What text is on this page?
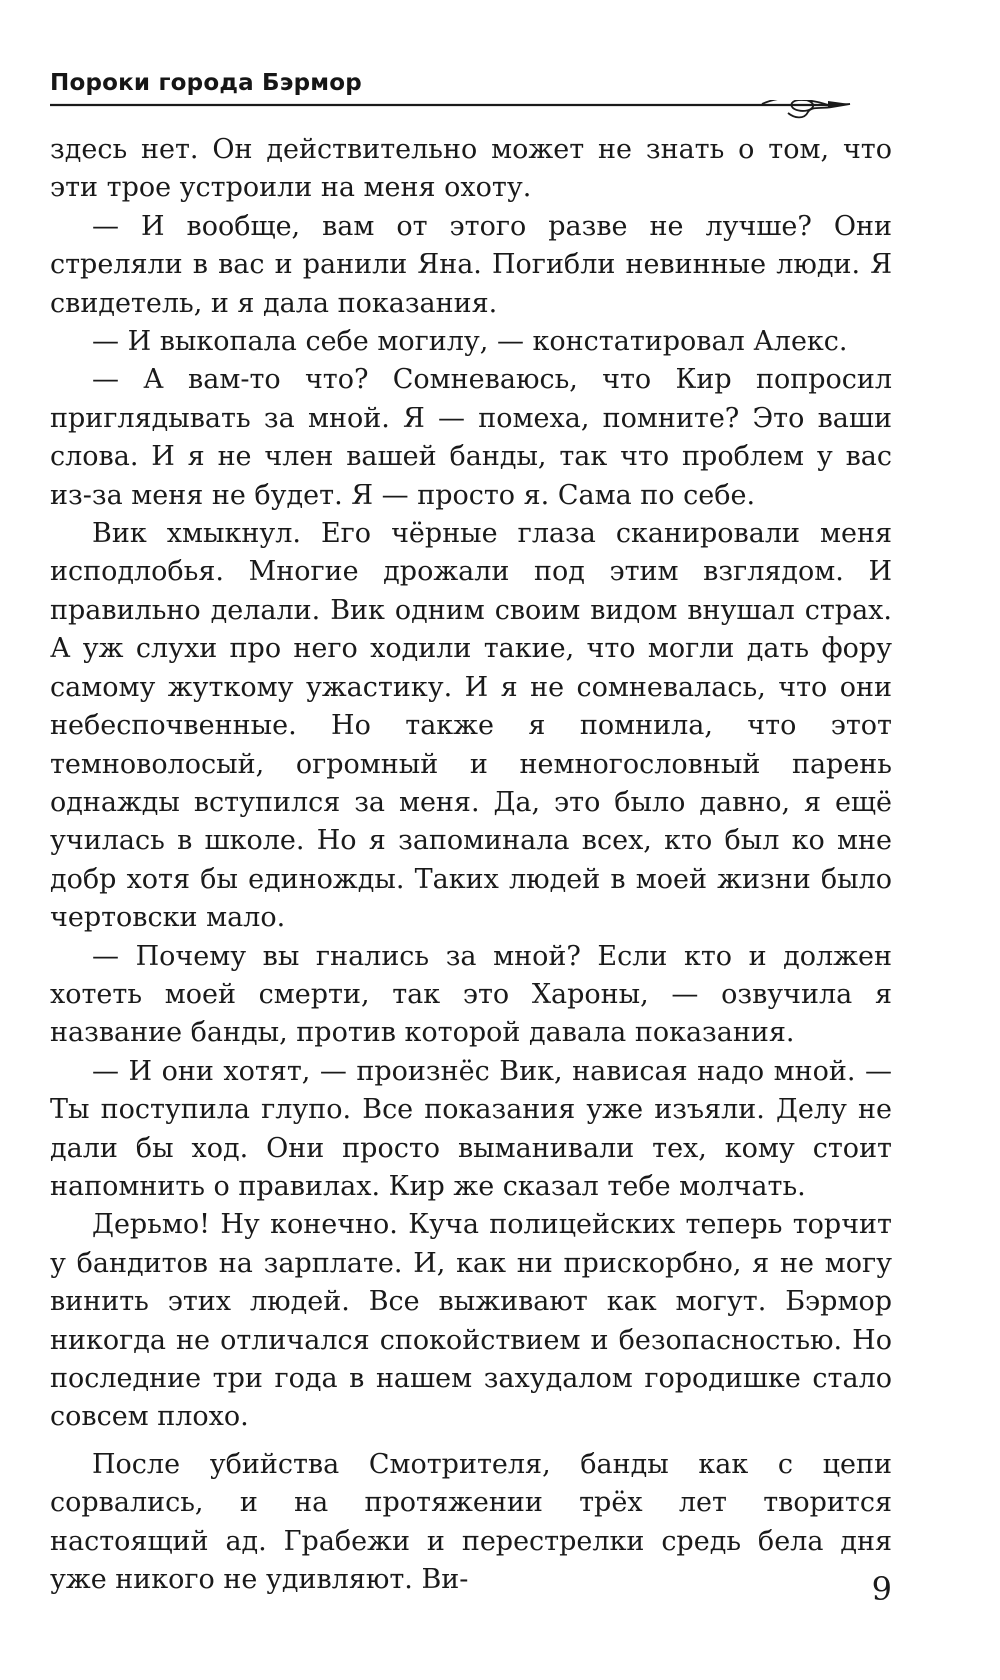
Пороки города Бэрмор

здесь нет. Он действительно может не знать о том, что эти трое устроили на меня охоту.

— И вообще, вам от этого разве не лучше? Они стреляли в вас и ранили Яна. Погибли невинные люди. Я свидетель, и я дала показания.

— И выкопала себе могилу, — констатировал Алекс.

— А вам-то что? Сомневаюсь, что Кир попросил приглядывать за мной. Я — помеха, помните? Это ваши слова. И я не член вашей банды, так что проблем у вас из-за меня не будет. Я — просто я. Сама по себе.

Вик хмыкнул. Его чёрные глаза сканировали меня исподлобья. Многие дрожали под этим взглядом. И правильно делали. Вик одним своим видом внушал страх. А уж слухи про него ходили такие, что могли дать фору самому жуткому ужастику. И я не сомневалась, что они небеспочвенные. Но также я помнила, что этот темноволосый, огромный и немногословный парень однажды вступился за меня. Да, это было давно, я ещё училась в школе. Но я запоминала всех, кто был ко мне добр хотя бы единожды. Таких людей в моей жизни было чертовски мало.

— Почему вы гнались за мной? Если кто и должен хотеть моей смерти, так это Хароны, — озвучила я название банды, против которой давала показания.

— И они хотят, — произнёс Вик, нависая надо мной. — Ты поступила глупо. Все показания уже изъяли. Делу не дали бы ход. Они просто выманивали тех, кому стоит напомнить о правилах. Кир же сказал тебе молчать.

Дерьмо! Ну конечно. Куча полицейских теперь торчит у бандитов на зарплате. И, как ни прискорбно, я не могу винить этих людей. Все выживают как могут. Бэрмор никогда не отличался спокойствием и безопасностью. Но последние три года в нашем захудалом городишке стало совсем плохо.

После убийства Смотрителя, банды как с цепи сорвались, и на протяжении трёх лет творится настоящий ад. Грабежи и перестрелки средь бела дня уже никого не удивляют. Ви-	9
